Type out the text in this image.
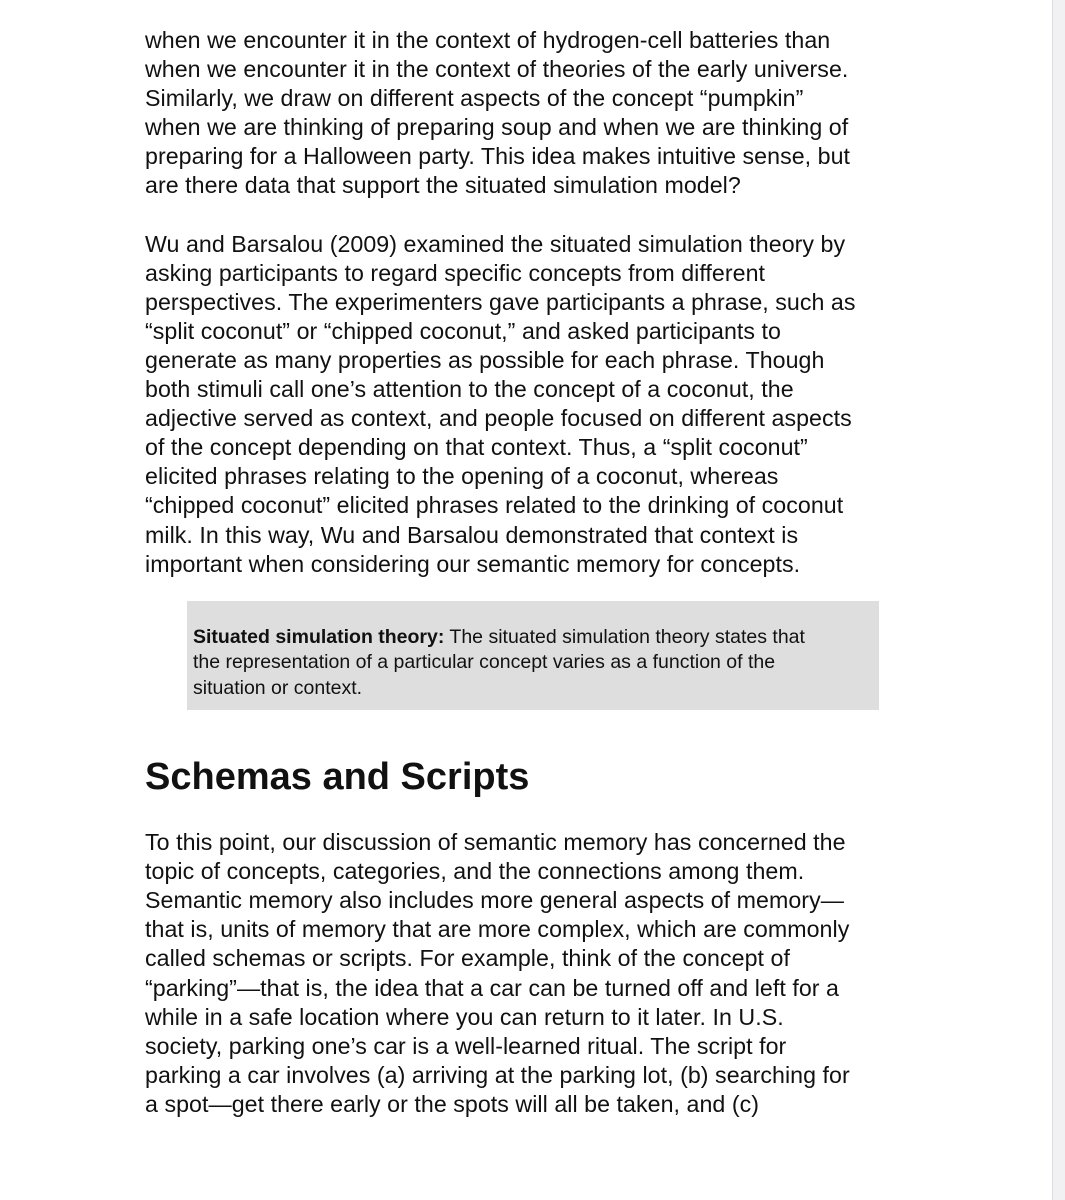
when we encounter it in the context of hydrogen-cell batteries than
when we encounter it in the context of theories of the early universe.
Similarly, we draw on different aspects of the concept “pumpkin”
when we are thinking of preparing soup and when we are thinking of
preparing for a Halloween party. This idea makes intuitive sense, but
are there data that support the situated simulation model?

Wu and Barsalou (2009) examined the situated simulation theory by
asking participants to regard specific concepts from different
perspectives. The experimenters gave participants a phrase, such as
“split coconut” or “chipped coconut,” and asked participants to
generate as many properties as possible for each phrase. Though
both stimuli call one’s attention to the concept of a coconut, the
adjective served as context, and people focused on different aspects
of the concept depending on that context. Thus, a “split coconut”
elicited phrases relating to the opening of a coconut, whereas
“chipped coconut” elicited phrases related to the drinking of coconut
milk. In this way, Wu and Barsalou demonstrated that context is
important when considering our semantic memory for concepts.

Situated simulation theory: The situated simulation theory states that
the representation of a particular concept varies as a function of the
situation or context.
Schemas and Scripts

To this point, our discussion of semantic memory has concerned the
topic of concepts, categories, and the connections among them.
Semantic memory also includes more general aspects of memory—
that is, units of memory that are more complex, which are commonly
called schemas or scripts. For example, think of the concept of
“parking”—that is, the idea that a car can be turned off and left for a
while in a safe location where you can return to it later. In U.S.
society, parking one’s car is a well-learned ritual. The script for
parking a car involves (a) arriving at the parking lot, (b) searching for
a spot—get there early or the spots will all be taken, and (c)
